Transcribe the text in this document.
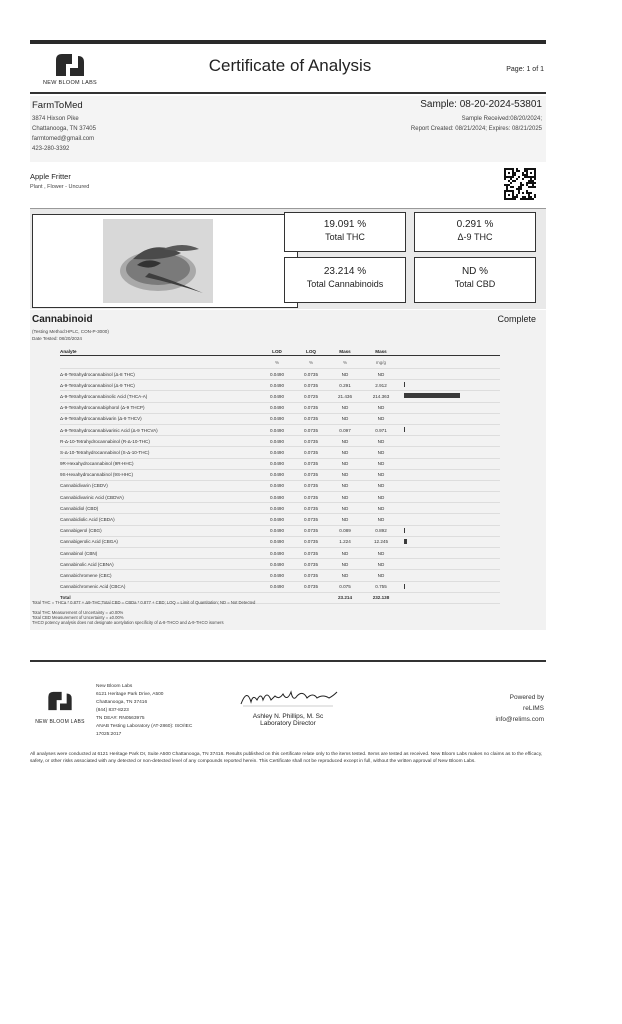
NEW BLOOM LABS
Certificate of Analysis	Page: 1 of 1
FarmToMed
3874 Hixson Pike
Chattanooga, TN 37405
farmtomed@gmail.com
423-280-3392
Sample: 08-20-2024-53801
Sample Received:08/20/2024;
Report Created: 08/21/2024; Expires: 08/21/2025
Apple Fritter
Plant , Flower - Uncured
19.091 %
Total THC
0.291 %
Δ-9 THC
23.214 %
Total Cannabinoids
ND %
Total CBD
Cannabinoid	Complete
(Testing Method:HPLC, CON-P-3000)
Date Tested: 08/20/2024
Analyte	LOD	LOQ	Mass	Mass	
	%	%	%	mg/g	
Δ-8-Tetrahydrocannabinol (Δ-8 THC)	0.0490	0.0735	ND	ND	
Δ-9-Tetrahydrocannabinol (Δ-9 THC)	0.0490	0.0735	0.291	2.912	

Δ-9-Tetrahydrocannabinolic Acid (THCA-A)	0.0490	0.0725	21.436	214.363	

Δ-9-Tetrahydrocannabiphorol (Δ-9 THCP)	0.0490	0.0735	ND	ND	
Δ-9-Tetrahydrocannabivarin (Δ-9 THCV)	0.0490	0.0735	ND	ND	
Δ-9-Tetrahydrocannabivarinic Acid (Δ-9 THCVA)	0.0490	0.0735	0.097	0.971	

R-Δ-10-Tetrahydrocannabinol (R-Δ-10-THC)	0.0490	0.0735	ND	ND	
S-Δ-10-Tetrahydrocannabinol (S-Δ-10-THC)	0.0490	0.0735	ND	ND	
9R-Hexahydrocannabinol (9R-HHC)	0.0490	0.0735	ND	ND	
9S-Hexahydrocannabinol (9S-HHC)	0.0490	0.0735	ND	ND	
Cannabidivarin (CBDV)	0.0490	0.0735	ND	ND	
Cannabidivarinic Acid (CBDVA)	0.0490	0.0735	ND	ND	
Cannabidiol (CBD)	0.0490	0.0735	ND	ND	
Cannabidiolic Acid (CBDA)	0.0490	0.0735	ND	ND	
Cannabigerol (CBG)	0.0490	0.0735	0.089	0.892	

Cannabigerolic Acid (CBGA)	0.0490	0.0735	1.224	12.245	

Cannabinol (CBN)	0.0490	0.0735	ND	ND	
Cannabinolic Acid (CBNA)	0.0490	0.0735	ND	ND	
Cannabichromene (CBC)	0.0490	0.0735	ND	ND	
Cannabichromenic Acid (CBCA)	0.0490	0.0735	0.075	0.755	

Total			23.214	232.138	
Total THC = THCa * 0.877 + Δ9-THC;Total CBD = CBDa * 0.877 + CBD; LOQ = Limit of Quantitation; ND = Not Detected
Total THC Measurement of Uncertainty = ±0.00%
Total CBD Measurement of Uncertainty = ±0.00%
THCO potency analysis does not designate acetylation specificity of Δ-8-THCO and Δ-9-THCO isomers
NEW BLOOM LABS
New Bloom Labs
6121 Heritage Park Drive, A500
Chattanooga, TN 37416
(844) 837-8223
TN DEA#: RN0563975
ANAB Testing Laboratory (AT-2860): ISO/IEC
17025:2017
Ashley N. Phillips, M. Sc
Laboratory Director
Powered by
reLIMS
info@relims.com
All analyses were conducted at 6121 Heritage Park Dr, Suite A500 Chattanooga, TN 37416. Results published on this certificate relate only to the items tested. Items are tested as received. New Bloom Labs makes no claims as to the efficacy, safety, or other risks associated with any detected or non-detected level of any compounds reported herein. This Certificate shall not be reproduced except in full, without the written approval of New Bloom Labs.
